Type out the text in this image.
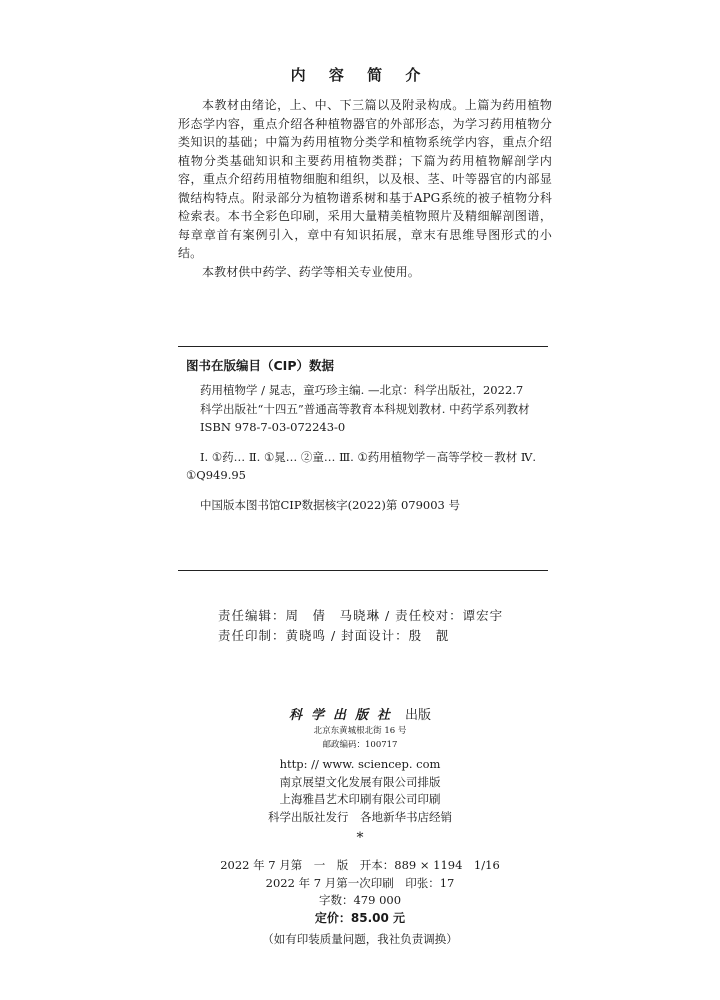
内 容 简 介

本教材由绪论，上、中、下三篇以及附录构成。上篇为药用植物形态学内容，重点介绍各种植物器官的外部形态，为学习药用植物分类知识的基础；中篇为药用植物分类学和植物系统学内容，重点介绍植物分类基础知识和主要药用植物类群；下篇为药用植物解剖学内容，重点介绍药用植物细胞和组织，以及根、茎、叶等器官的内部显微结构特点。附录部分为植物谱系树和基于APG系统的被子植物分科检索表。本书全彩色印刷，采用大量精美植物照片及精细解剖图谱，每章章首有案例引入，章中有知识拓展，章末有思维导图形式的小结。

本教材供中药学、药学等相关专业使用。

图书在版编目（CIP）数据

药用植物学 / 晁志，童巧珍主编. —北京：科学出版社，2022.7

科学出版社“十四五”普通高等教育本科规划教材. 中药学系列教材

ISBN 978-7-03-072243-0

Ⅰ. ①药… Ⅱ. ①晁… ②童… Ⅲ. ①药用植物学－高等学校－教材 Ⅳ. ①Q949.95

中国版本图书馆CIP数据核字(2022)第 079003 号

责任编辑：周　倩　马晓琳 / 责任校对：谭宏宇
责任印制：黄晓鸣 / 封面设计：殷　靓
科学出版社 出版
北京东黄城根北街 16 号
邮政编码：100717
http: // www. sciencep. com
南京展望文化发展有限公司排版
上海雅昌艺术印刷有限公司印刷
科学出版社发行　各地新华书店经销
*
2022 年 7 月第　一　版　开本：889 × 1194　1/16
2022 年 7 月第一次印刷　印张：17
字数：479 000
定价：85.00 元
（如有印装质量问题，我社负责调换）
